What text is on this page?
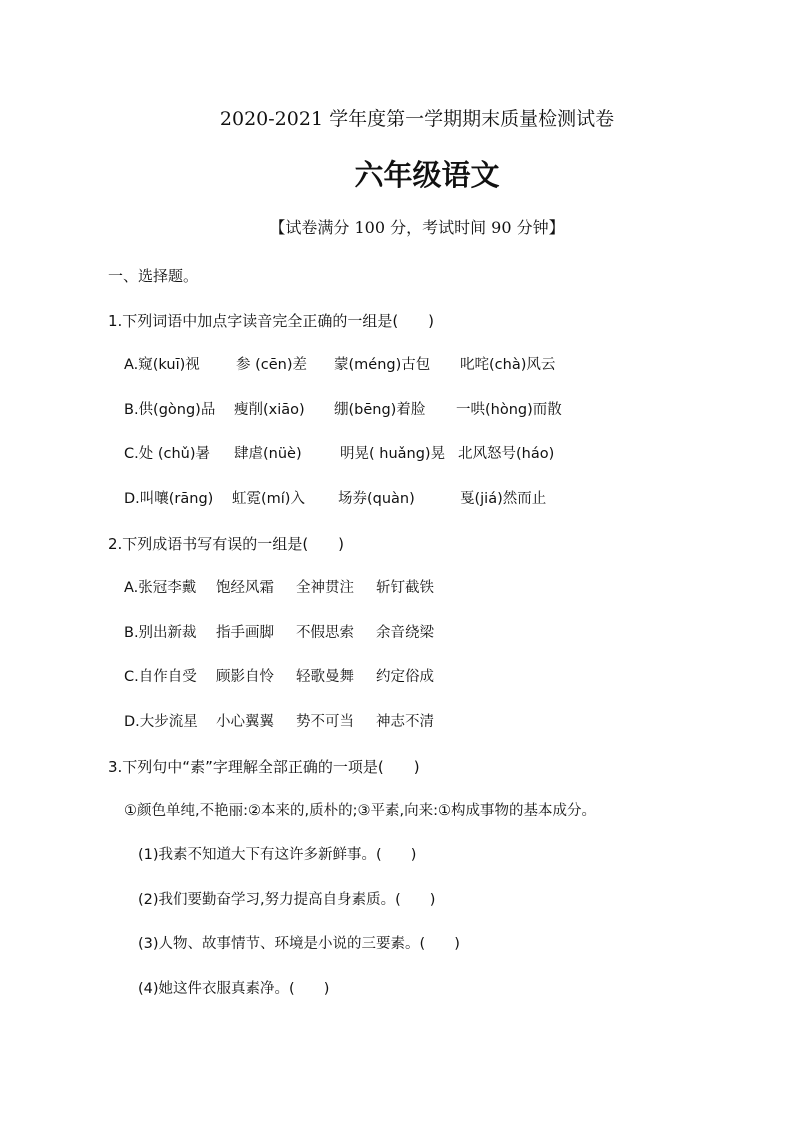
2020-2021 学年度第一学期期末质量检测试卷
六年级语文
【试卷满分 100 分，考试时间 90 分钟】
一、选择题。
1.下列词语中加点字读音完全正确的一组是(　　)
A.窥(kuī)视 参 (cēn)差 蒙(méng)古包 叱咤(chà)风云
B.供(gòng)品 瘦削(xiāo) 绷(bēng)着脸 一哄(hòng)而散
C.处 (chǔ)暑 肆虐(nüè)	明晃( huǎng)晃 北风怒号(háo)
D.叫嚷(rāng) 虹霓(mí)入 场券(quàn)	戛(jiá)然而止
2.下列成语书写有误的一组是(　　)
A.张冠李戴 饱经风霜 全神贯注 斩钉截铁
B.别出新裁 指手画脚 不假思索 余音绕梁
C.自作自受 顾影自怜 轻歌曼舞 约定俗成
D.大步流星 小心翼翼 势不可当 神志不清
3.下列句中“素”字理解全部正确的一项是(　　)
①颜色单纯,不艳丽:②本来的,质朴的;③平素,向来:①构成事物的基本成分。
(1)我素不知道大下有这许多新鲜事。(　　)
(2)我们要勤奋学习,努力提高自身素质。(　　)
(3)人物、故事情节、环境是小说的三要素。(　　)
(4)她这件衣服真素净。(　　)
